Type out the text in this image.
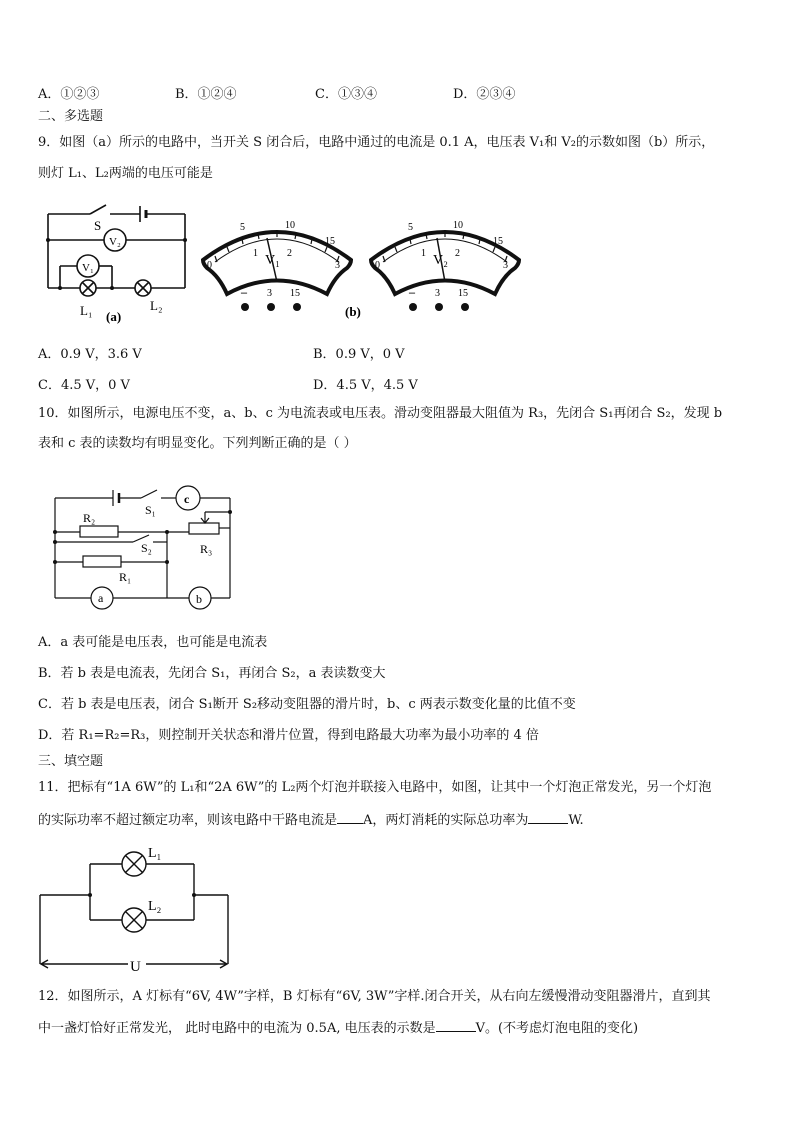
A．①②③	B．①②④	C．①③④	D．②③④
二、多选题
9．如图（a）所示的电路中，当开关 S 闭合后，电路中通过的电流是 0.1 A，电压表 V₁和 V₂的示数如图（b）所示，
则灯 L₁、L₂两端的电压可能是
S
V₂
V₁
L₁	L₂
(a)
5	10
15
0
1	2
3
V₁
– 3 15
(b)
5	10
15
0
1	2
3
V₂
– 3 15
A．0.9 V，3.6 V	B．0.9 V，0 V
C．4.5 V，0 V	D．4.5 V，4.5 V
10．如图所示，电源电压不变，a、b、c 为电流表或电压表。滑动变阻器最大阻值为 R₃，先闭合 S₁再闭合 S₂，发现 b
表和 c 表的读数均有明显变化。下列判断正确的是（ ）
S₁
R₂
S₂	R₃
R₁
c
a	b
A．a 表可能是电压表，也可能是电流表
B．若 b 表是电流表，先闭合 S₁，再闭合 S₂，a 表读数变大
C．若 b 表是电压表，闭合 S₁断开 S₂移动变阻器的滑片时，b、c 两表示数变化量的比值不变
D．若 R₁=R₂=R₃，则控制开关状态和滑片位置，得到电路最大功率为最小功率的 4 倍
三、填空题
11．把标有“1A 6W”的 L₁和“2A 6W”的 L₂两个灯泡并联接入电路中，如图，让其中一个灯泡正常发光，另一个灯泡
的实际功率不超过额定功率，则该电路中干路电流是 A，两灯消耗的实际总功率为	W.
L₁
L₂
U
12．如图所示，A 灯标有“6V, 4W”字样，B 灯标有“6V, 3W”字样.闭合开关，从右向左缓慢滑动变阻器滑片，直到其
中一盏灯恰好正常发光， 此时电路中的电流为 0.5A, 电压表的示数是	V。(不考虑灯泡电阻的变化)
